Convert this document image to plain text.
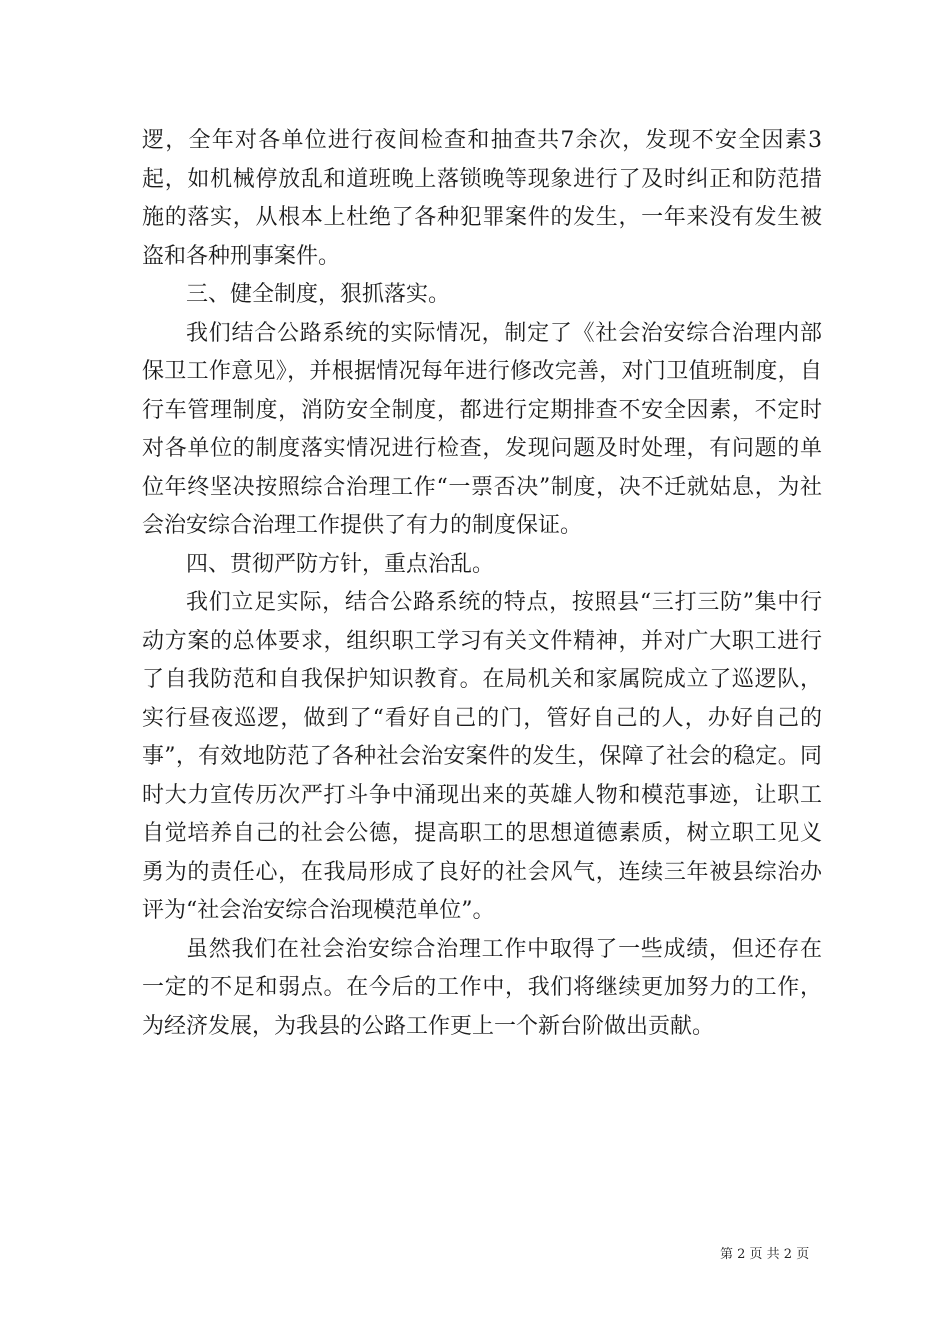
逻，全年对各单位进行夜间检查和抽查共7余次，发现不安全因素3起，如机械停放乱和道班晚上落锁晚等现象进行了及时纠正和防范措施的落实，从根本上杜绝了各种犯罪案件的发生，一年来没有发生被盗和各种刑事案件。

三、健全制度，狠抓落实。

我们结合公路系统的实际情况，制定了《社会治安综合治理内部保卫工作意见》，并根据情况每年进行修改完善，对门卫值班制度，自行车管理制度，消防安全制度，都进行定期排查不安全因素，不定时对各单位的制度落实情况进行检查，发现问题及时处理，有问题的单位年终坚决按照综合治理工作“一票否决”制度，决不迁就姑息，为社会治安综合治理工作提供了有力的制度保证。

四、贯彻严防方针，重点治乱。

我们立足实际，结合公路系统的特点，按照县“三打三防”集中行动方案的总体要求，组织职工学习有关文件精神，并对广大职工进行了自我防范和自我保护知识教育。在局机关和家属院成立了巡逻队，实行昼夜巡逻，做到了“看好自己的门，管好自己的人，办好自己的事”，有效地防范了各种社会治安案件的发生，保障了社会的稳定。同时大力宣传历次严打斗争中涌现出来的英雄人物和模范事迹，让职工自觉培养自己的社会公德，提高职工的思想道德素质，树立职工见义勇为的责任心，在我局形成了良好的社会风气，连续三年被县综治办评为“社会治安综合治现模范单位”。

虽然我们在社会治安综合治理工作中取得了一些成绩，但还存在一定的不足和弱点。在今后的工作中，我们将继续更加努力的工作，为经济发展，为我县的公路工作更上一个新台阶做出贡献。

第 2 页 共 2 页
